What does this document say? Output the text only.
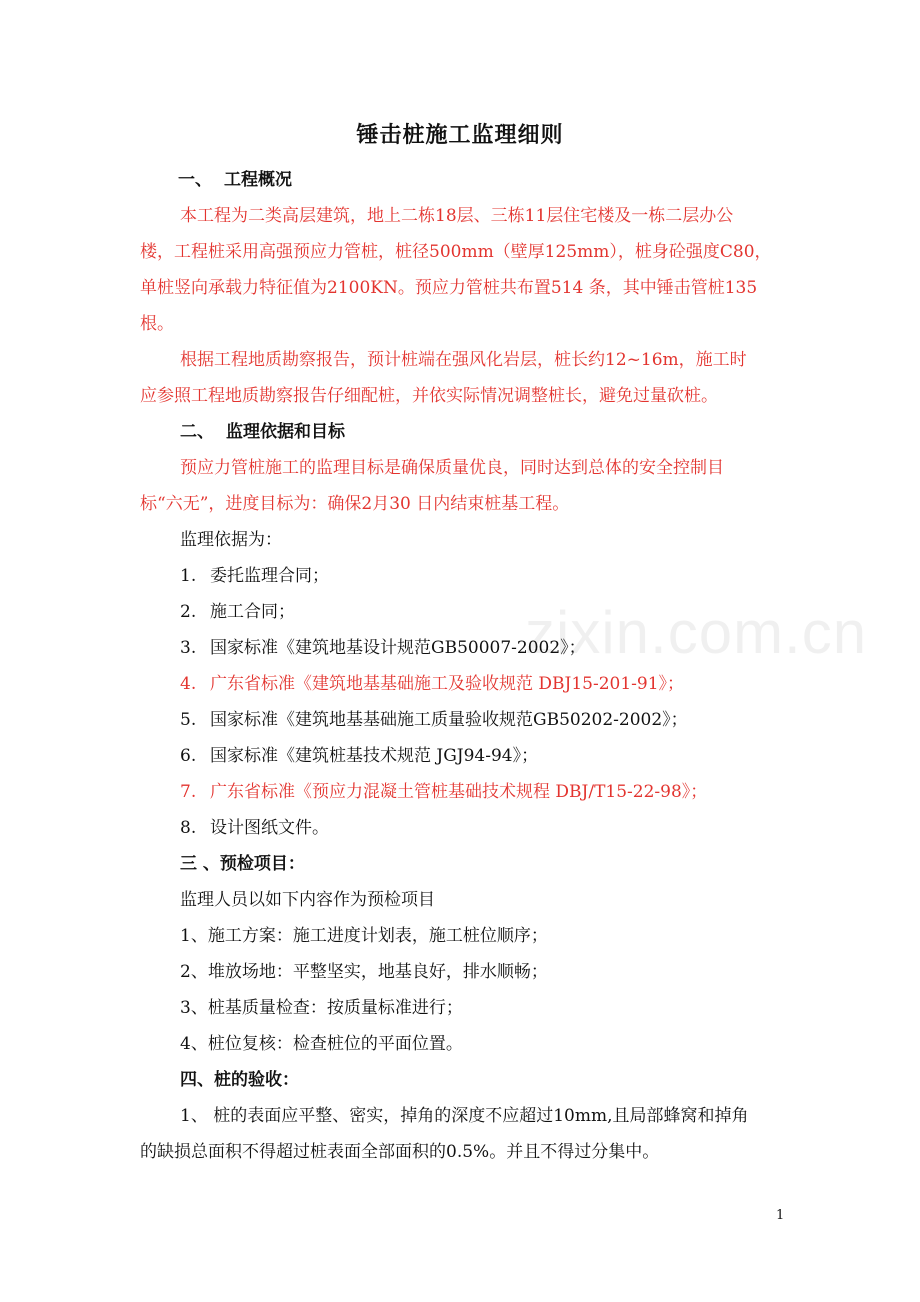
锤击桩施工监理细则
一、 工程概况
本工程为二类高层建筑，地上二栋18层、三栋11层住宅楼及一栋二层办公
楼，工程桩采用高强预应力管桩，桩径500mm（壁厚125mm），桩身砼强度C80，
单桩竖向承载力特征值为2100KN。预应力管桩共布置514 条，其中锤击管桩135
根。
根据工程地质勘察报告，预计桩端在强风化岩层，桩长约12~16m，施工时
应参照工程地质勘察报告仔细配桩，并依实际情况调整桩长，避免过量砍桩。
二、 监理依据和目标
预应力管桩施工的监理目标是确保质量优良，同时达到总体的安全控制目
标“六无”，进度目标为：确保2月30 日内结束桩基工程。
监理依据为：
1. 委托监理合同；
2. 施工合同；
3. 国家标准《建筑地基设计规范GB50007-2002》；
4. 广东省标准《建筑地基基础施工及验收规范 DBJ15-201-91》；
5. 国家标准《建筑地基基础施工质量验收规范GB50202-2002》；
6. 国家标准《建筑桩基技术规范 JGJ94-94》；
7. 广东省标准《预应力混凝土管桩基础技术规程 DBJ/T15-22-98》；
8. 设计图纸文件。
三 、预检项目：
监理人员以如下内容作为预检项目
1、施工方案：施工进度计划表，施工桩位顺序；
2、堆放场地：平整坚实，地基良好，排水顺畅；
3、桩基质量检查：按质量标准进行；
4、桩位复核：检查桩位的平面位置。
四、桩的验收：
1、 桩的表面应平整、密实，掉角的深度不应超过10mm,且局部蜂窝和掉角
的缺损总面积不得超过桩表面全部面积的0.5%。并且不得过分集中。
zixin.com.cn
1
